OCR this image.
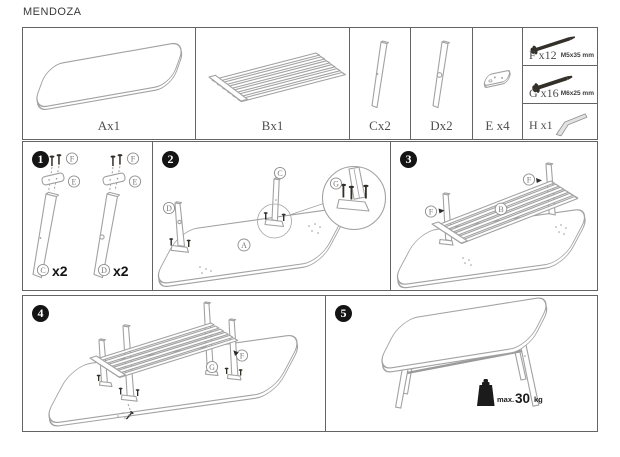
MENDOZA
Ax1	Bx1	Cx2	Dx2	E x4
F x12 M5x35 mm
G x16 M6x25 mm
H x1
1	F
E
C x2
F
E
D x2
2
D
C
A
G
3
B
F
F
4
G
F
5
max. 30 kg
